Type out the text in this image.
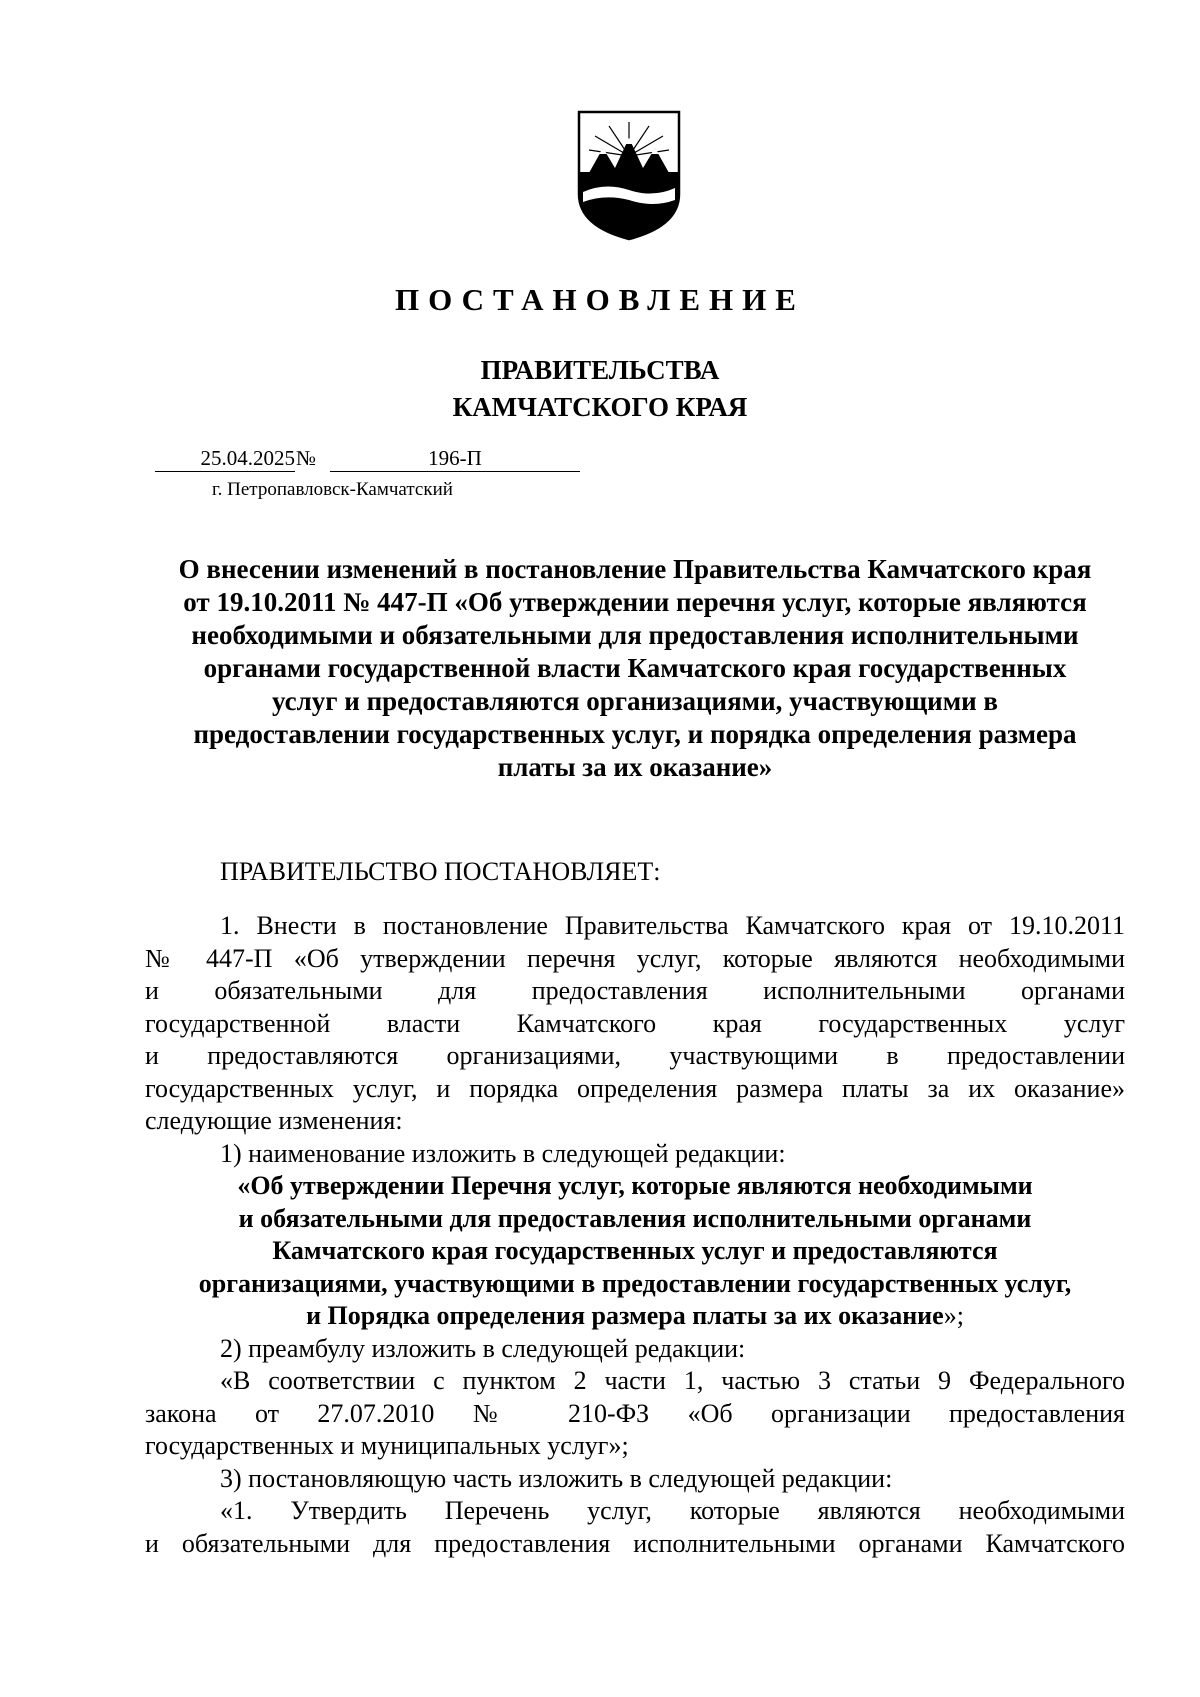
ПОСТАНОВЛЕНИЕ
ПРАВИТЕЛЬСТВА
КАМЧАТСКОГО КРАЯ
25.04.2025 №	196-П
г. Петропавловск-Камчатский
О внесении изменений в постановление Правительства Камчатского края
от 19.10.2011 № 447-П «Об утверждении перечня услуг, которые являются
необходимыми и обязательными для предоставления исполнительными
органами государственной власти Камчатского края государственных
услуг и предоставляются организациями, участвующими в
предоставлении государственных услуг, и порядка определения размера
платы за их оказание»
ПРАВИТЕЛЬСТВО ПОСТАНОВЛЯЕТ:
1. Внести в постановление Правительства Камчатского края от 19.10.2011
№ 447-П «Об утверждении перечня услуг, которые являются необходимыми
и обязательными для предоставления исполнительными органами
государственной власти Камчатского края государственных услуг
и предоставляются организациями, участвующими в предоставлении
государственных услуг, и порядка определения размера платы за их оказание»
следующие изменения:
1) наименование изложить в следующей редакции:
«Об утверждении Перечня услуг, которые являются необходимыми
и обязательными для предоставления исполнительными органами
Камчатского края государственных услуг и предоставляются
организациями, участвующими в предоставлении государственных услуг,
и Порядка определения размера платы за их оказание»;
2) преамбулу изложить в следующей редакции:
«В соответствии с пунктом 2 части 1, частью 3 статьи 9 Федерального
закона от 27.07.2010 № 210-ФЗ «Об организации предоставления
государственных и муниципальных услуг»;
3) постановляющую часть изложить в следующей редакции:
«1. Утвердить Перечень услуг, которые являются необходимыми
и обязательными для предоставления исполнительными органами Камчатского
